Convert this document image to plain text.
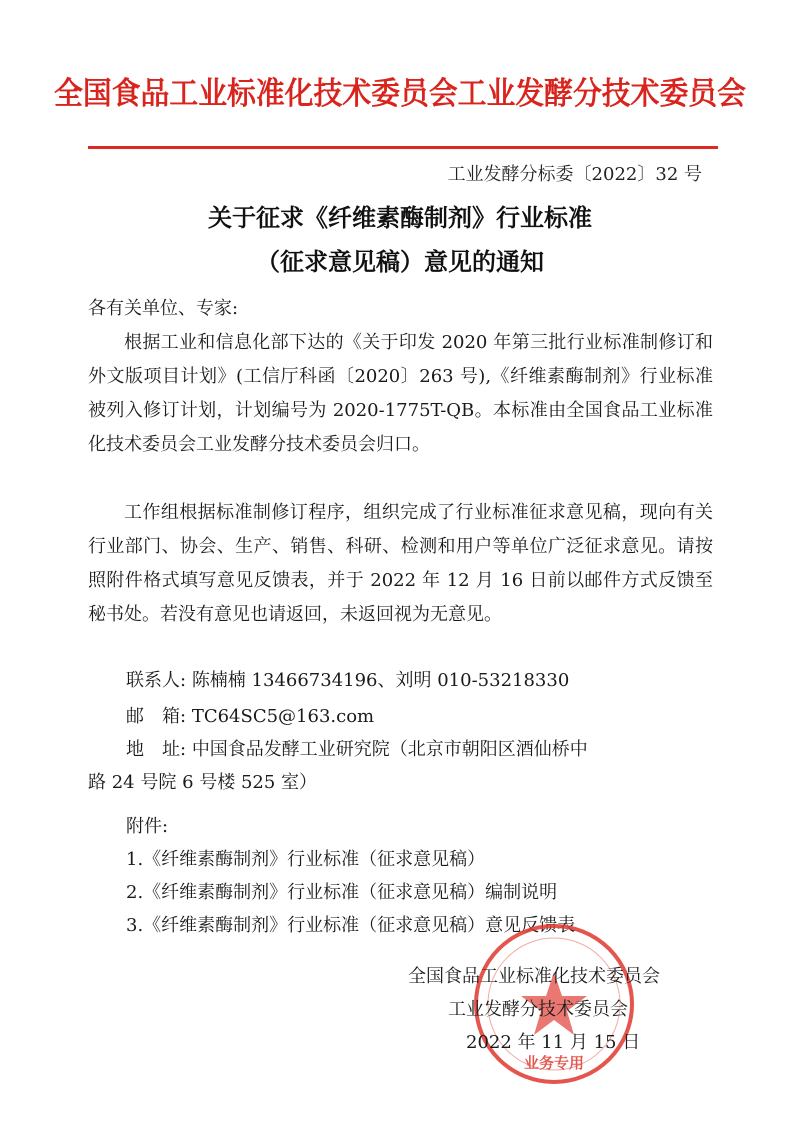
全国食品工业标准化技术委员会工业发酵分技术委员会
工业发酵分标委〔2022〕32 号
关于征求《纤维素酶制剂》行业标准
（征求意见稿）意见的通知
各有关单位、专家:
根据工业和信息化部下达的《关于印发 2020 年第三批行业标准制修订和外文版项目计划》(工信厅科函〔2020〕263 号),《纤维素酶制剂》行业标准被列入修订计划，计划编号为 2020-1775T-QB。本标准由全国食品工业标准化技术委员会工业发酵分技术委员会归口。
工作组根据标准制修订程序，组织完成了行业标准征求意见稿，现向有关行业部门、协会、生产、销售、科研、检测和用户等单位广泛征求意见。请按照附件格式填写意见反馈表，并于 2022 年 12 月 16 日前以邮件方式反馈至秘书处。若没有意见也请返回，未返回视为无意见。
联系人: 陈楠楠 13466734196、刘明 010-53218330
邮　箱: TC64SC5@163.com
地　址: 中国食品发酵工业研究院（北京市朝阳区酒仙桥中
路 24 号院 6 号楼 525 室）
附件:
1.《纤维素酶制剂》行业标准（征求意见稿）
2.《纤维素酶制剂》行业标准（征求意见稿）编制说明
3.《纤维素酶制剂》行业标准（征求意见稿）意见反馈表
业务专用
全国食品工业标准化技术委员会
工业发酵分技术委员会
2022 年 11 月 15 日
